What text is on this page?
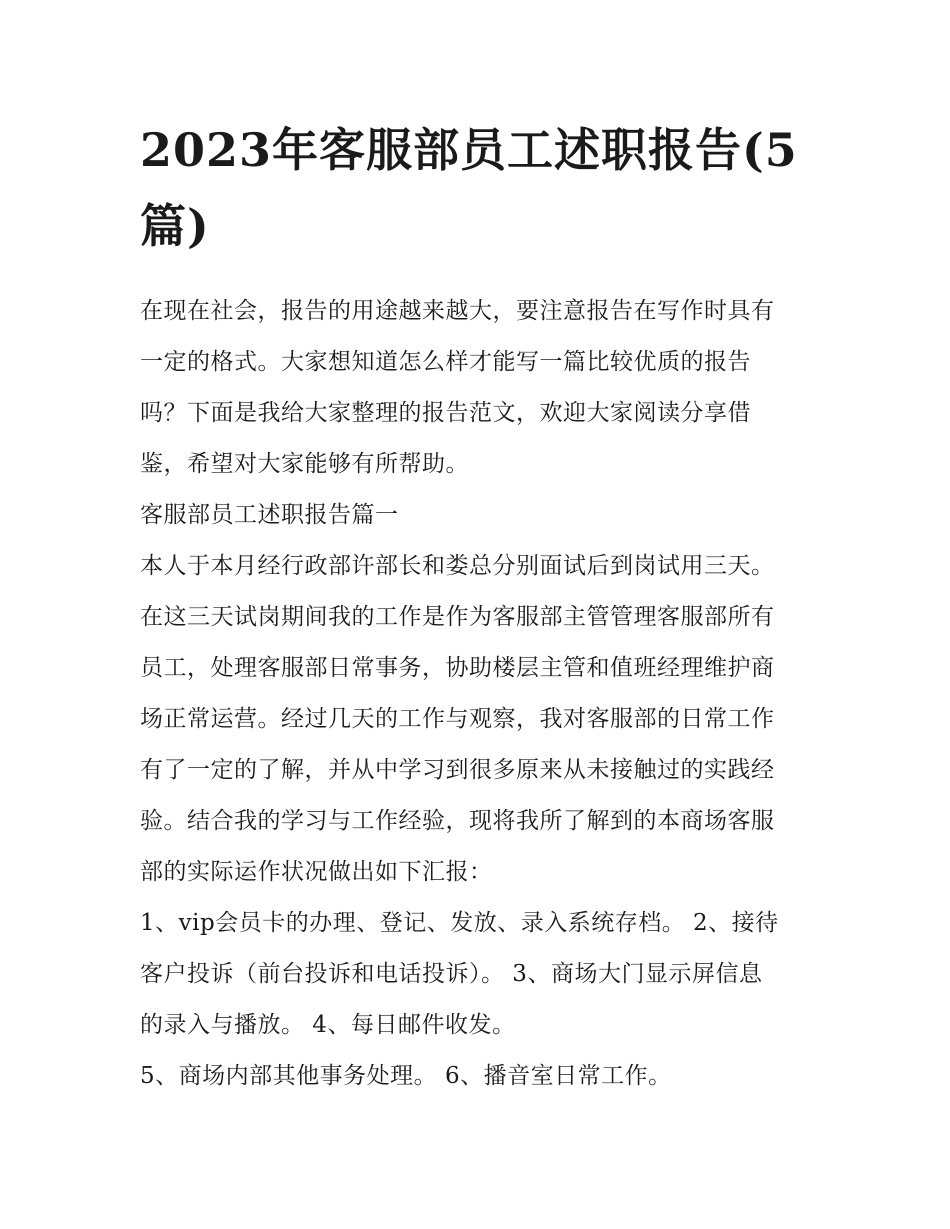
2023年客服部员工述职报告(5
篇)
在现在社会，报告的用途越来越大，要注意报告在写作时具有
一定的格式。大家想知道怎么样才能写一篇比较优质的报告
吗？下面是我给大家整理的报告范文，欢迎大家阅读分享借
鉴，希望对大家能够有所帮助。
客服部员工述职报告篇一
本人于本月经行政部许部长和娄总分别面试后到岗试用三天。
在这三天试岗期间我的工作是作为客服部主管管理客服部所有
员工，处理客服部日常事务，协助楼层主管和值班经理维护商
场正常运营。经过几天的工作与观察，我对客服部的日常工作
有了一定的了解，并从中学习到很多原来从未接触过的实践经
验。结合我的学习与工作经验，现将我所了解到的本商场客服
部的实际运作状况做出如下汇报：
1、vip会员卡的办理、登记、发放、录入系统存档。 2、接待
客户投诉（前台投诉和电话投诉）。 3、商场大门显示屏信息
的录入与播放。 4、每日邮件收发。
5、商场内部其他事务处理。 6、播音室日常工作。
